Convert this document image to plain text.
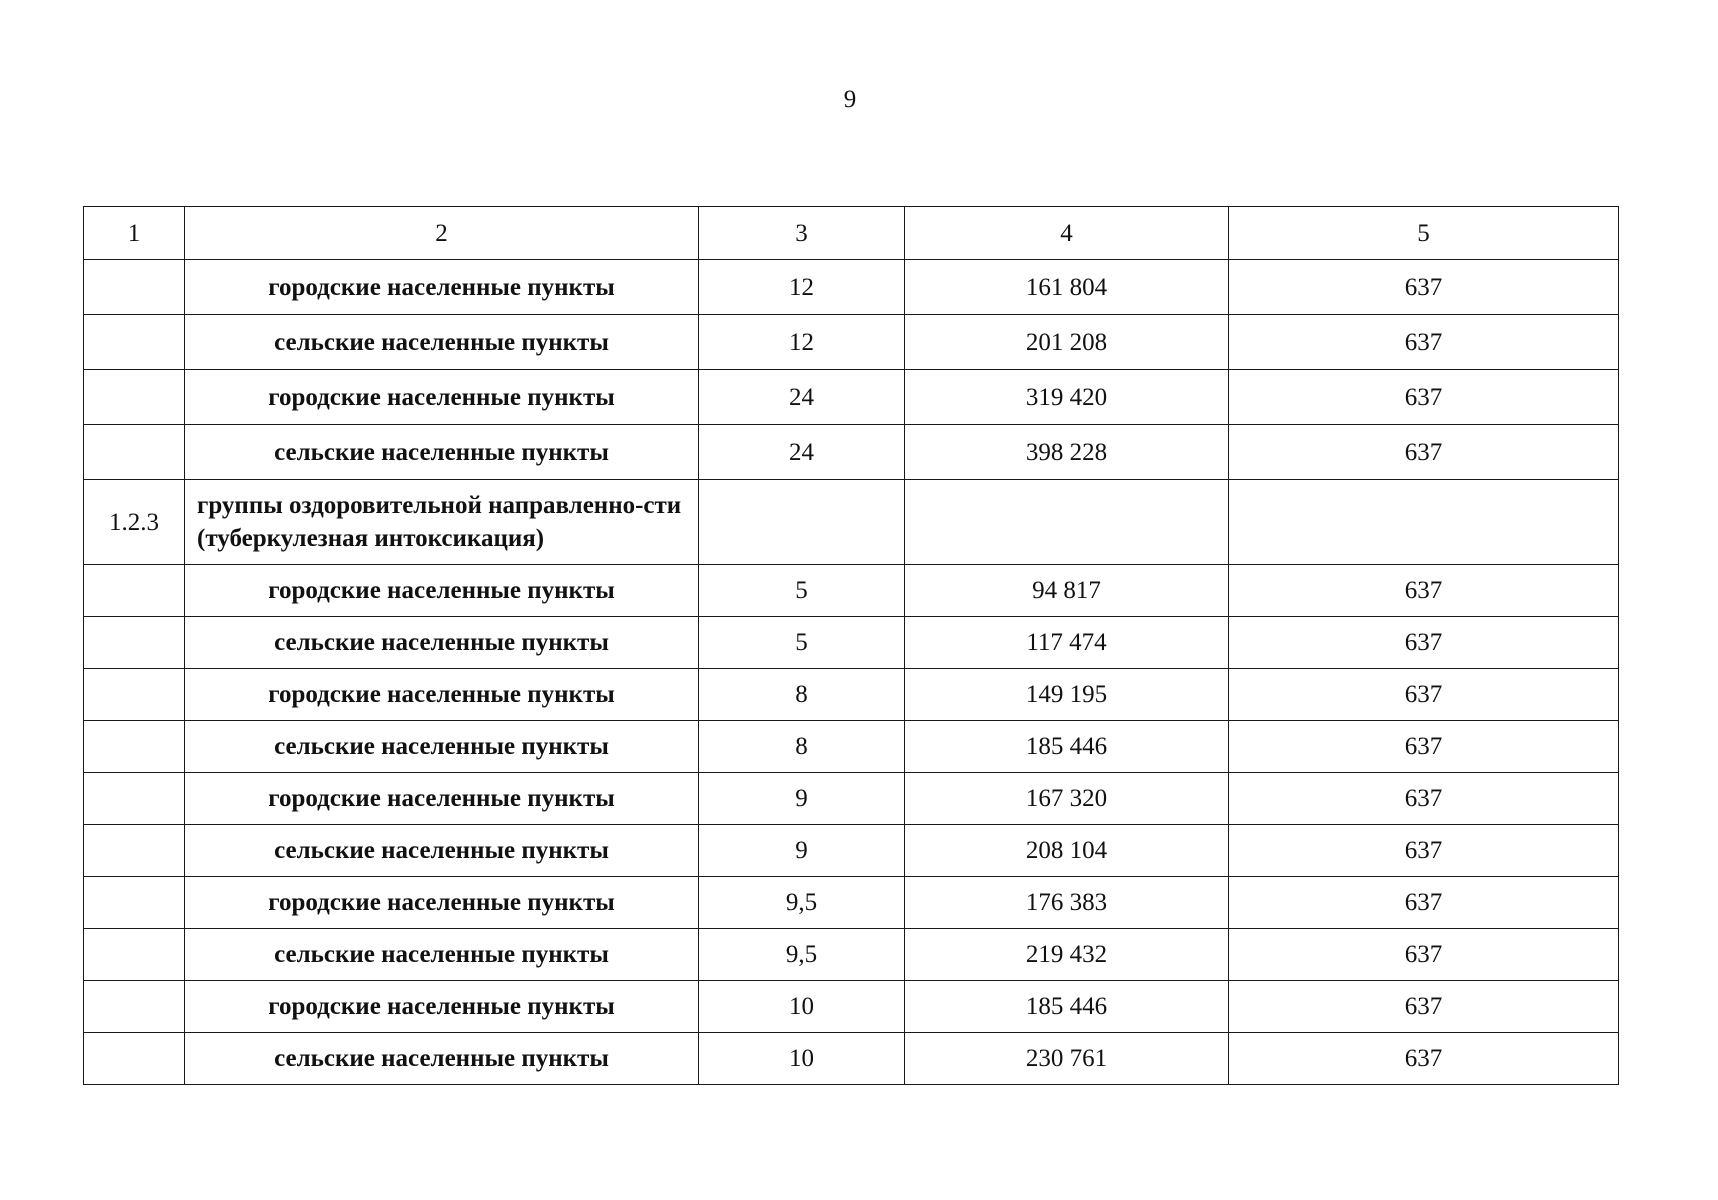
9
1	2	3	4	5
	городские населенные пункты	12	161 804	637
	сельские населенные пункты	12	201 208	637
	городские населенные пункты	24	319 420	637
	сельские населенные пункты	24	398 228	637
1.2.3	группы оздоровительной направленно-сти (туберкулезная интоксикация)			
	городские населенные пункты	5	94 817	637
	сельские населенные пункты	5	117 474	637
	городские населенные пункты	8	149 195	637
	сельские населенные пункты	8	185 446	637
	городские населенные пункты	9	167 320	637
	сельские населенные пункты	9	208 104	637
	городские населенные пункты	9,5	176 383	637
	сельские населенные пункты	9,5	219 432	637
	городские населенные пункты	10	185 446	637
	сельские населенные пункты	10	230 761	637
